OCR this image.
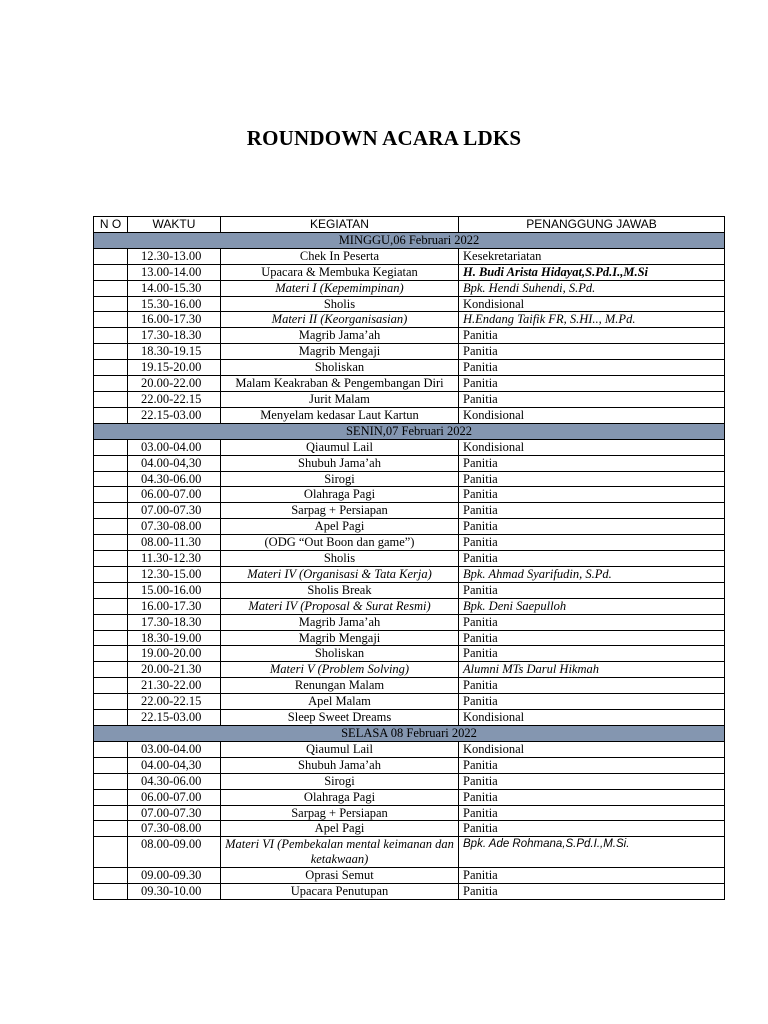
ROUNDOWN ACARA LDKS
N O	WAKTU	KEGIATAN	PENANGGUNG JAWAB
MINGGU,06 Februari 2022			
	12.30-13.00	Chek In Peserta	Kesekretariatan
	13.00-14.00	Upacara & Membuka Kegiatan	H. Budi Arista Hidayat,S.Pd.I.,M.Si
	14.00-15.30	Materi I (Kepemimpinan)	Bpk. Hendi Suhendi, S.Pd.
	15.30-16.00	Sholis	Kondisional
	16.00-17.30	Materi II (Keorganisasian)	H.Endang Taifik FR, S.HI.., M.Pd.
	17.30-18.30	Magrib Jama’ah	Panitia
	18.30-19.15	Magrib Mengaji	Panitia
	19.15-20.00	Sholiskan	Panitia
	20.00-22.00	Malam Keakraban & Pengembangan Diri	Panitia
	22.00-22.15	Jurit Malam	Panitia
	22.15-03.00	Menyelam kedasar Laut Kartun	Kondisional
SENIN,07 Februari 2022			
	03.00-04.00	Qiaumul Lail	Kondisional
	04.00-04,30	Shubuh Jama’ah	Panitia
	04.30-06.00	Sirogi	Panitia
	06.00-07.00	Olahraga Pagi	Panitia
	07.00-07.30	Sarpag + Persiapan	Panitia
	07.30-08.00	Apel Pagi	Panitia
	08.00-11.30	(ODG “Out Boon dan game”)	Panitia
	11.30-12.30	Sholis	Panitia
	12.30-15.00	Materi IV (Organisasi & Tata Kerja)	Bpk. Ahmad Syarifudin, S.Pd.
	15.00-16.00	Sholis Break	Panitia
	16.00-17.30	Materi IV (Proposal & Surat Resmi)	Bpk. Deni Saepulloh
	17.30-18.30	Magrib Jama’ah	Panitia
	18.30-19.00	Magrib Mengaji	Panitia
	19.00-20.00	Sholiskan	Panitia
	20.00-21.30	Materi V (Problem Solving)	Alumni MTs Darul Hikmah
	21.30-22.00	Renungan Malam	Panitia
	22.00-22.15	Apel Malam	Panitia
	22.15-03.00	Sleep Sweet Dreams	Kondisional
SELASA 08 Februari 2022			
	03.00-04.00	Qiaumul Lail	Kondisional
	04.00-04,30	Shubuh Jama’ah	Panitia
	04.30-06.00	Sirogi	Panitia
	06.00-07.00	Olahraga Pagi	Panitia
	07.00-07.30	Sarpag + Persiapan	Panitia
	07.30-08.00	Apel Pagi	Panitia
	08.00-09.00	Materi VI (Pembekalan mental keimanan dan ketakwaan)	Bpk. Ade Rohmana,S.Pd.I.,M.Si.
	09.00-09.30	Oprasi Semut	Panitia
	09.30-10.00	Upacara Penutupan	Panitia
